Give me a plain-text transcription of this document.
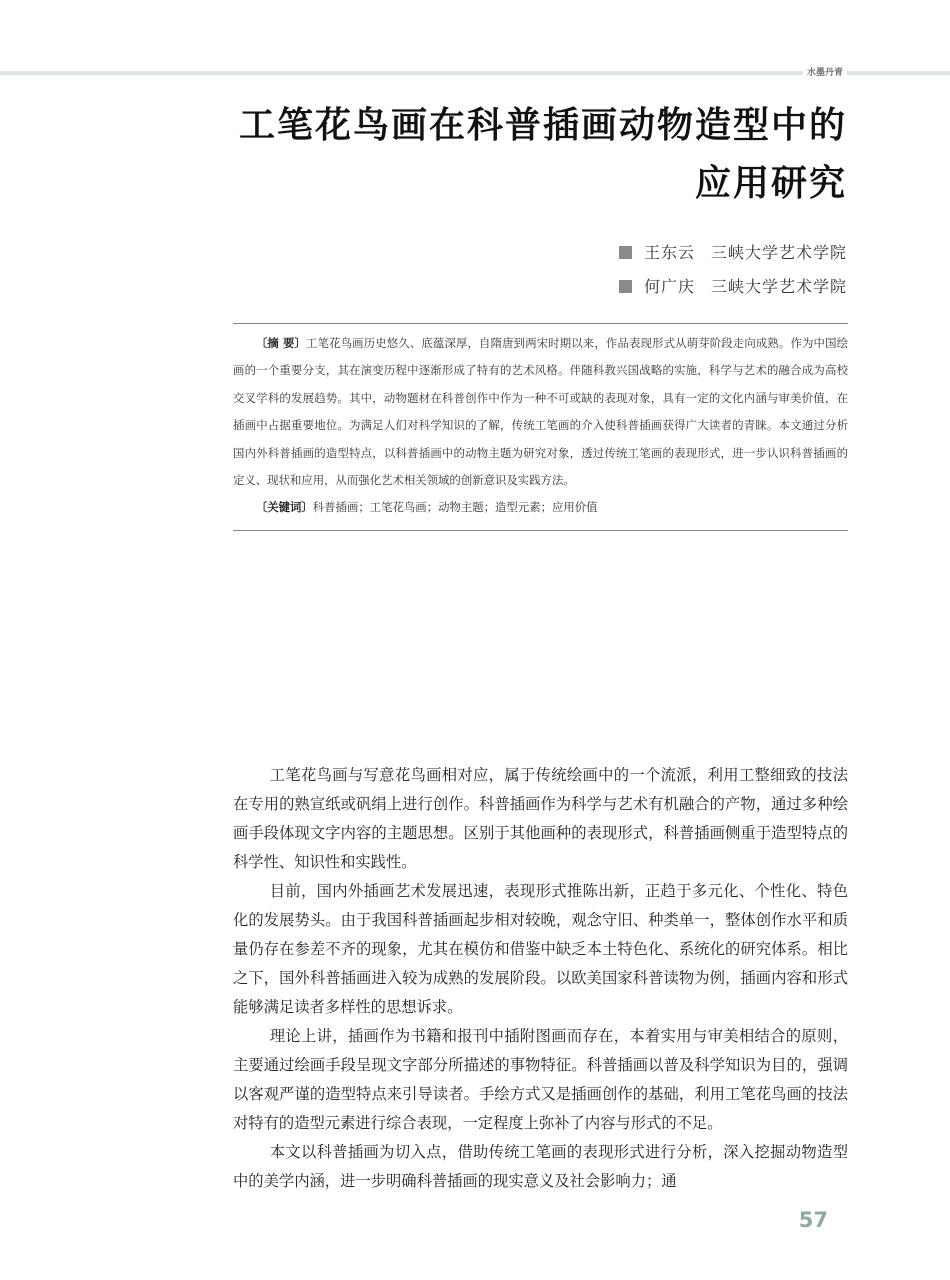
水墨丹青
工笔花鸟画在科普插画动物造型中的
应用研究
王东云 三峡大学艺术学院
何广庆 三峡大学艺术学院

〔摘 要〕工笔花鸟画历史悠久、底蕴深厚，自隋唐到两宋时期以来，作品表现形式从萌芽阶段走向成熟。作为中国绘画的一个重要分支，其在演变历程中逐渐形成了特有的艺术风格。伴随科教兴国战略的实施，科学与艺术的融合成为高校交叉学科的发展趋势。其中，动物题材在科普创作中作为一种不可或缺的表现对象，具有一定的文化内涵与审美价值，在插画中占据重要地位。为满足人们对科学知识的了解，传统工笔画的介入使科普插画获得广大读者的青睐。本文通过分析国内外科普插画的造型特点，以科普插画中的动物主题为研究对象，透过传统工笔画的表现形式，进一步认识科普插画的定义、现状和应用，从而强化艺术相关领域的创新意识及实践方法。

〔关键词〕科普插画；工笔花鸟画；动物主题；造型元素；应用价值

工笔花鸟画与写意花鸟画相对应，属于传统绘画中的一个流派，利用工整细致的技法在专用的熟宣纸或矾绢上进行创作。科普插画作为科学与艺术有机融合的产物，通过多种绘画手段体现文字内容的主题思想。区别于其他画种的表现形式，科普插画侧重于造型特点的科学性、知识性和实践性。

目前，国内外插画艺术发展迅速，表现形式推陈出新，正趋于多元化、个性化、特色化的发展势头。由于我国科普插画起步相对较晚，观念守旧、种类单一，整体创作水平和质量仍存在参差不齐的现象，尤其在模仿和借鉴中缺乏本土特色化、系统化的研究体系。相比之下，国外科普插画进入较为成熟的发展阶段。以欧美国家科普读物为例，插画内容和形式能够满足读者多样性的思想诉求。

理论上讲，插画作为书籍和报刊中插附图画而存在，本着实用与审美相结合的原则，主要通过绘画手段呈现文字部分所描述的事物特征。科普插画以普及科学知识为目的，强调以客观严谨的造型特点来引导读者。手绘方式又是插画创作的基础，利用工笔花鸟画的技法对特有的造型元素进行综合表现，一定程度上弥补了内容与形式的不足。

本文以科普插画为切入点，借助传统工笔画的表现形式进行分析，深入挖掘动物造型中的美学内涵，进一步明确科普插画的现实意义及社会影响力；通

57
